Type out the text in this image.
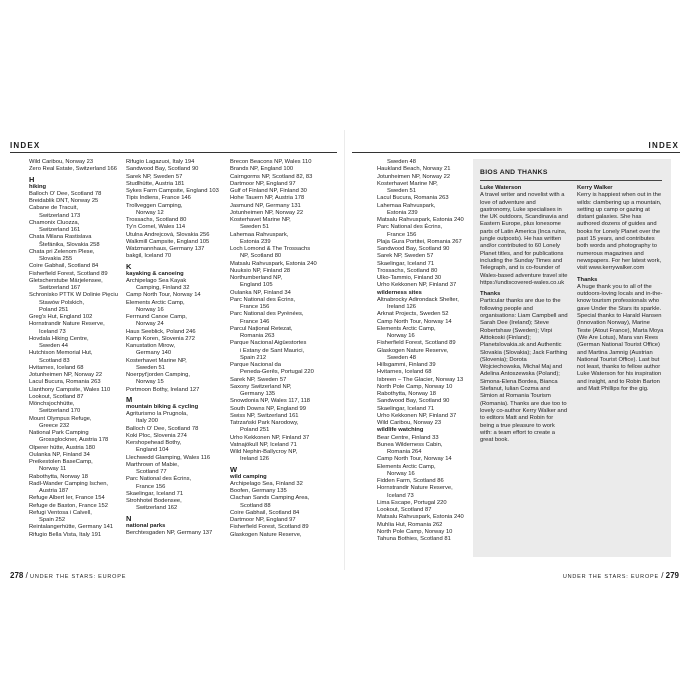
INDEX	INDEX
Wild Caribou, Norway 23
Zero Real Estate, Switzerland 166
H
hiking
Balloch O' Dee, Scotland 78
Breidablik DNT, Norway 25
Cabane de Tracuit,
Switzerland 173
Chamonix Cluozza,
Switzerland 161
Chata Milana Rastislava
Štefánika, Slovakia 258
Chata pri Zelenom Plese,
Slovakia 255
Coire Gabhail, Scotland 84
Fisherfield Forest, Scotland 89
Gletscherstube Märjelensee,
Switzerland 167
Schronisko PTTK W Dolinie Pięciu
Stawów Polskich,
Poland 251
Greg's Hut, England 102
Hornstrandir Nature Reserve,
Iceland 73
Hovdala Hiking Centre,
Sweden 44
Hutchison Memorial Hut,
Scotland 83
Hvitarnes, Iceland 68
Jotunheimen NP, Norway 22
Lacul Bucura, Romania 263
Llanthony Campsite, Wales 110
Lookout, Scotland 87
Mönchsjochhütte,
Switzerland 170
Mount Olympus Refuge,
Greece 232
National Park Camping
Grossglockner, Austria 178
Olperer hütte, Austria 180
Oulanka NP, Finland 34
Preikestolen BaseCamp,
Norway 11
Rabothytta, Norway 18
Radl-Wander Camping Ischen,
Austria 187
Refuge Albert Ier, France 154
Refuge de Baston, France 152
Refugi Ventosa i Calvell,
Spain 252
Reintalangerhütte, Germany 141
Rifugio Bella Vista, Italy 191
Rifugio Lagazuoi, Italy 194
Sandwood Bay, Scotland 90
Sarek NP, Sweden 57
Studlhütte, Austria 181
Sykes Farm Campsite, England 103
Tipis Indiens, France 146
Trollveggen Camping,
Norway 12
Trossachs, Scotland 80
Ty'n Cornel, Wales 114
Utulna Andrejcová, Slovakia 256
Walkmill Campsite, England 105
Watzmannhaus, Germany 137
bakgil, Iceland 70
K
kayaking & canoeing
Archipelago Sea Kayak
Camping, Finland 32
Camp North Tour, Norway 14
Elements Arctic Camp,
Norway 16
Ferrnund Canoe Camp,
Norway 24
Haus Seeblick, Poland 246
Kamp Koren, Slovenia 272
Kanustation Mirow,
Germany 140
Kosterhavet Marine NP,
Sweden 51
Noerpyt'jorden Camping,
Norway 15
Portmoon Bothy, Ireland 127
M
mountain biking & cycling
Agriturismo la Prugnola,
Italy 200
Balloch O' Dee, Scotland 78
Koki Ploc, Slovenia 274
Kershopehead Bothy,
England 104
Llechwedd Glamping, Wales 116
Marthrown of Mabie,
Scotland 77
Parc National des Écrins,
France 156
Skaelingar, Iceland 71
Strohhotel Bodensee,
Switzerland 162
N
national parks
Berchtesgaden NP, Germany 137
Brecon Beacons NP, Wales 110
Brands NP, England 100
Cairngorms NP, Scotland 82, 83
Dartmoor NP, England 97
Gulf of Finland NP, Finland 30
Hohe Tauern NP, Austria 178
Jasmund NP, Germany 131
Jotunheimen NP, Norway 22
Kosterhavet Marine NP,
Sweden 51
Lahemaa Rahvuspark,
Estonia 239
Loch Lomond & The Trossachs
NP, Scotland 80
Matsalu Rahvuspark, Estonia 240
Nuuksio NP, Finland 28
Northumberland NP,
England 105
Oulanka NP, Finland 34
Parc National des Écrins,
France 156
Parc National des Pyrénées,
France 146
Parcul Național Retezat,
Romania 263
Parque Nacional Aigüestortes
i Estany de Sant Maurici,
Spain 212
Parque Nacional da
Peneda-Gerês, Portugal 220
Sarek NP, Sweden 57
Saxony Switzerland NP,
Germany 135
Snowdonia NP, Wales 117, 118
South Downs NP, England 99
Swiss NP, Switzerland 161
Tatrzański Park Narodowy,
Poland 251
Urho Kekkonen NP, Finland 37
Vatnajökull NP, Iceland 71
Wild Nephin-Ballycroy NP,
Ireland 126
W
wild camping
Archipelago Sea, Finland 32
Boofen, Germany 135
Clachan Sands Camping Area,
Scotland 88
Coire Gabhail, Scotland 84
Dartmoor NP, England 97
Fisherfield Forest, Scotland 89
Glaskogen Nature Reserve,
Sweden 48
Haukland Beach, Norway 21
Jotunheimen NP, Norway 22
Kosterhavet Marine NP,
Sweden 51
Lacul Bucura, Romania 263
Lahemaa Rahvuspark,
Estonia 239
Matsalu Rahvuspark, Estonia 240
Parc National des Écrins,
France 156
Plaja Gura Portitei, Romania 267
Sandwood Bay, Scotland 90
Sarek NP, Sweden 57
Skaelingar, Iceland 71
Trossachs, Scotland 80
Ulko-Tammio, Finland 30
Urho Kekkonen NP, Finland 37
wilderness sites
Altnabrocky Adirondack Shelter,
Ireland 126
Arknat Projects, Sweden 52
Camp North Tour, Norway 14
Elements Arctic Camp,
Norway 16
Fisherfield Forest, Scotland 89
Glaskogen Nature Reserve,
Sweden 48
Hillsgammi, Finland 39
Hvitarnes, Iceland 68
Isbreen – The Glacier, Norway 13
North Pole Camp, Norway 10
Rabothytta, Norway 18
Sandwood Bay, Scotland 90
Skaelingar, Iceland 71
Urho Kekkonen NP, Finland 37
Wild Caribou, Norway 23
wildlife watching
Bear Centre, Finland 33
Bunea Wilderness Cabin,
Romania 264
Camp North Tour, Norway 14
Elements Arctic Camp,
Norway 16
Fidden Farm, Scotland 86
Hornstrandir Nature Reserve,
Iceland 73
Lima Escape, Portugal 220
Lookout, Scotland 87
Matsalu Rahvuspark, Estonia 240
Muhlia Hut, Romania 262
North Pole Camp, Norway 10
Tahuna Bothies, Scotland 81
BIOS AND THANKS
Luke Waterson

A travel writer and novelist with a love of adventure and gastronomy, Luke specialises in the UK outdoors, Scandinavia and Eastern Europe, plus lonesome parts of Latin America (Inca ruins, jungle outposts). He has written and/or contributed to 60 Lonely Planet titles, and for publications including the Sunday Times and Telegraph, and is co-founder of Wales-based adventure travel site https://undiscovered-wales.co.uk

Thanks

Particular thanks are due to the following people and organisations: Liam Campbell and Sarah Dee (Ireland); Steve Robertshaw (Sweden); Virpi Aittokoski (Finland); Planetslovakia.sk and Authentic Slovakia (Slovakia); Jack Farthing (Slovenia); Dorota Wojciechowska, Michał Maj and Adelina Antoszewska (Poland); Simona-Elena Bordea, Bianca Stefanut, Iulian Cozma and Simion at Romania Tourism (Romania). Thanks are due too to lovely co-author Kerry Walker and to editors Matt and Robin for being a true pleasure to work with: a team effort to create a great book.

Kerry Walker

Kerry is happiest when out in the wilds: clambering up a mountain, setting up camp or gazing at distant galaxies. She has authored dozens of guides and books for Lonely Planet over the past 15 years, and contributes both words and photography to numerous magazines and newspapers. For her latest work, visit www.kerrywalker.com

Thanks

A huge thank you to all of the outdoors-loving locals and in-the-know tourism professionals who gave Under the Stars its sparkle. Special thanks to Harald Hansen (Innovation Norway), Marine Teste (Atout France), Marta Moya (We Are Lotus), Mara van Rees (German National Tourist Office) and Martina Jamnig (Austrian National Tourist Office). Last but not least, thanks to fellow author Luke Waterson for his inspiration and insight, and to Robin Barton and Matt Phillips for the gig.

278 / UNDER THE STARS: EUROPE	UNDER THE STARS: EUROPE / 279
